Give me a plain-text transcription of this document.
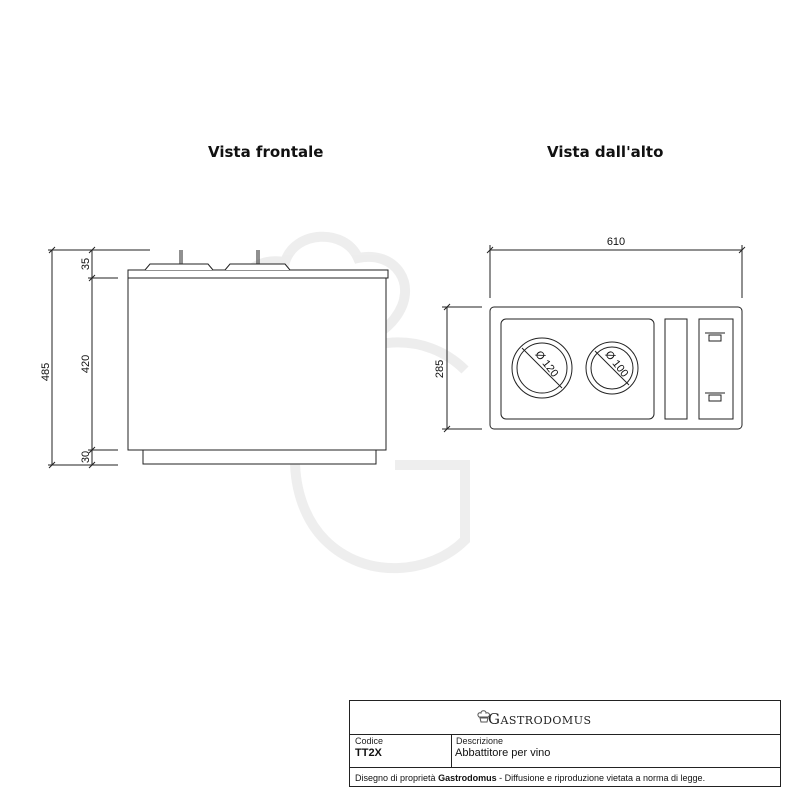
Vista frontale	Vista dall'alto
485
35
420
30
610
285	Ø 120	Ø 100
Gastrodomus
Codice
TT2X
Descrizione
Abbattitore per vino
Disegno di proprietà Gastrodomus - Diffusione e riproduzione vietata a norma di legge.
